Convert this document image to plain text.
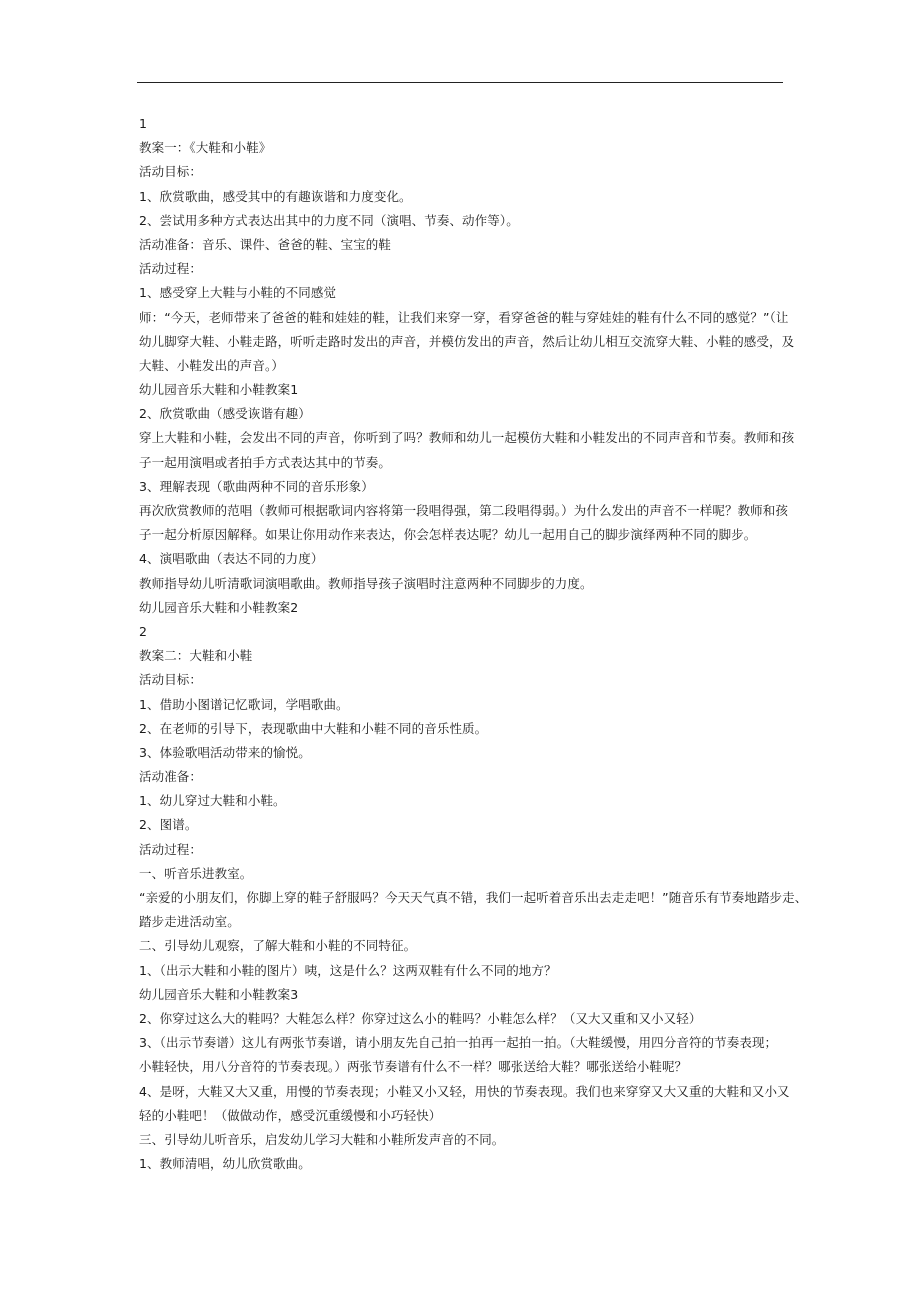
1
教案一：《大鞋和小鞋》
活动目标：
1、欣赏歌曲，感受其中的有趣诙谐和力度变化。
2、尝试用多种方式表达出其中的力度不同（演唱、节奏、动作等）。
活动准备：音乐、课件、爸爸的鞋、宝宝的鞋
活动过程：
1、感受穿上大鞋与小鞋的不同感觉
师：“今天，老师带来了爸爸的鞋和娃娃的鞋，让我们来穿一穿，看穿爸爸的鞋与穿娃娃的鞋有什么不同的感觉？”（让
幼儿脚穿大鞋、小鞋走路，听听走路时发出的声音，并模仿发出的声音，然后让幼儿相互交流穿大鞋、小鞋的感受，及
大鞋、小鞋发出的声音。）
幼儿园音乐大鞋和小鞋教案1
2、欣赏歌曲（感受诙谐有趣）
穿上大鞋和小鞋，会发出不同的声音，你听到了吗？教师和幼儿一起模仿大鞋和小鞋发出的不同声音和节奏。教师和孩
子一起用演唱或者拍手方式表达其中的节奏。
3、理解表现（歌曲两种不同的音乐形象）
再次欣赏教师的范唱（教师可根据歌词内容将第一段唱得强，第二段唱得弱。）为什么发出的声音不一样呢？教师和孩
子一起分析原因解释。如果让你用动作来表达，你会怎样表达呢？幼儿一起用自己的脚步演绎两种不同的脚步。
4、演唱歌曲（表达不同的力度）
教师指导幼儿听清歌词演唱歌曲。教师指导孩子演唱时注意两种不同脚步的力度。
幼儿园音乐大鞋和小鞋教案2
2
教案二：大鞋和小鞋
活动目标：
1、借助小图谱记忆歌词，学唱歌曲。
2、在老师的引导下，表现歌曲中大鞋和小鞋不同的音乐性质。
3、体验歌唱活动带来的愉悦。
活动准备：
1、幼儿穿过大鞋和小鞋。
2、图谱。
活动过程：
一、听音乐进教室。
“亲爱的小朋友们，你脚上穿的鞋子舒服吗？今天天气真不错，我们一起听着音乐出去走走吧！”随音乐有节奏地踏步走、
踏步走进活动室。
二、引导幼儿观察，了解大鞋和小鞋的不同特征。
1、（出示大鞋和小鞋的图片）咦，这是什么？这两双鞋有什么不同的地方？
幼儿园音乐大鞋和小鞋教案3
2、你穿过这么大的鞋吗？大鞋怎么样？你穿过这么小的鞋吗？小鞋怎么样？（又大又重和又小又轻）
3、（出示节奏谱）这儿有两张节奏谱，请小朋友先自己拍一拍再一起拍一拍。（大鞋缓慢，用四分音符的节奏表现；
小鞋轻快，用八分音符的节奏表现。）两张节奏谱有什么不一样？哪张送给大鞋？哪张送给小鞋呢？
4、是呀，大鞋又大又重，用慢的节奏表现；小鞋又小又轻，用快的节奏表现。我们也来穿穿又大又重的大鞋和又小又
轻的小鞋吧！（做做动作，感受沉重缓慢和小巧轻快）
三、引导幼儿听音乐，启发幼儿学习大鞋和小鞋所发声音的不同。
1、教师清唱，幼儿欣赏歌曲。
